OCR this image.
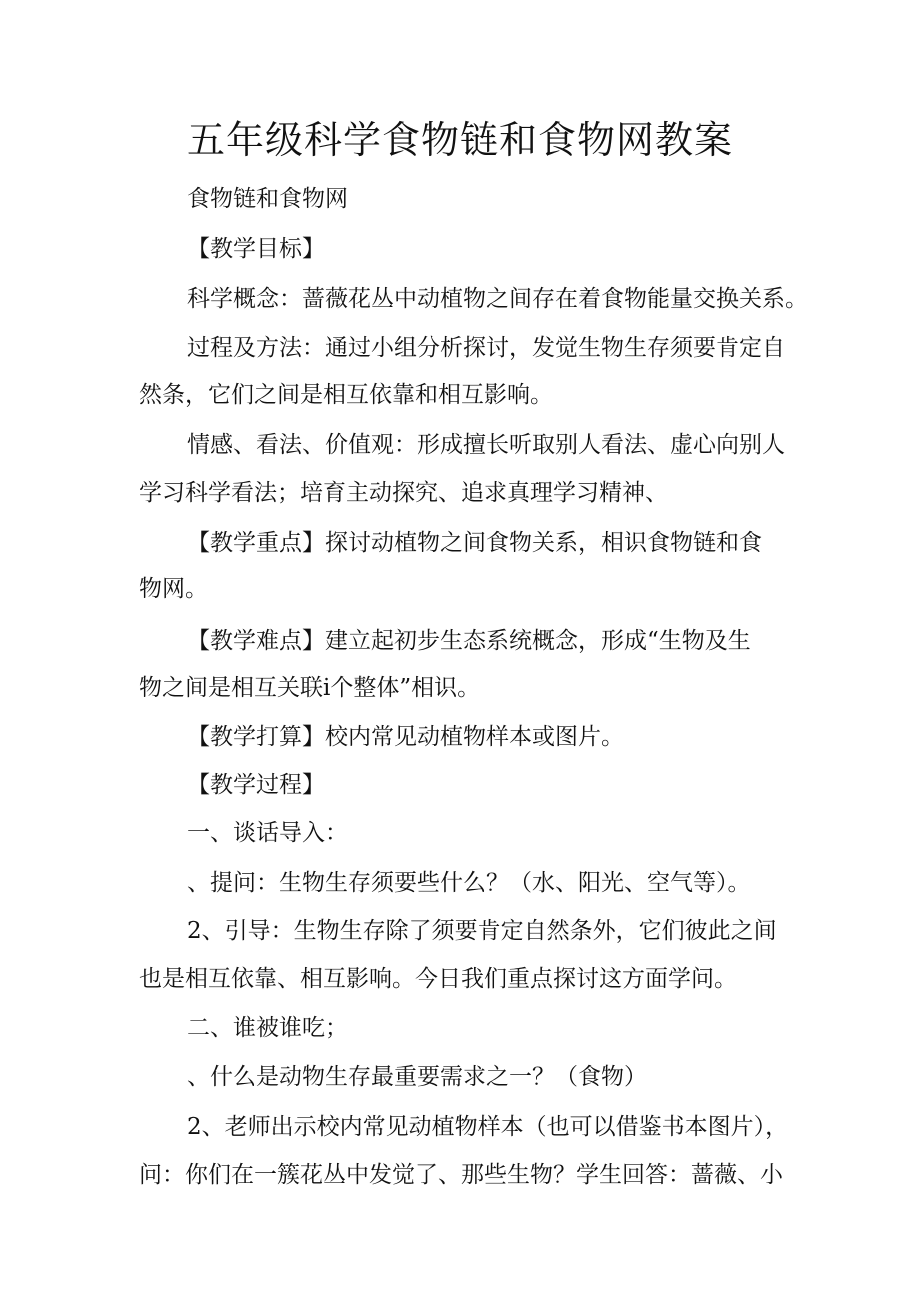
五年级科学食物链和食物网教案
食物链和食物网
【教学目标】
科学概念：蔷薇花丛中动植物之间存在着食物能量交换关系。
过程及方法：通过小组分析探讨，发觉生物生存须要肯定自
然条，它们之间是相互依靠和相互影响。
情感、看法、价值观：形成擅长听取别人看法、虚心向别人
学习科学看法；培育主动探究、追求真理学习精神、
【教学重点】探讨动植物之间食物关系，相识食物链和食
物网。
【教学难点】建立起初步生态系统概念，形成“生物及生
物之间是相互关联i个整体”相识。
【教学打算】校内常见动植物样本或图片。
【教学过程】
一、谈话导入：
、提问：生物生存须要些什么？（水、阳光、空气等）。
2、引导：生物生存除了须要肯定自然条外，它们彼此之间
也是相互依靠、相互影响。今日我们重点探讨这方面学问。
二、谁被谁吃；
、什么是动物生存最重要需求之一？（食物）
2、老师出示校内常见动植物样本（也可以借鉴书本图片），
问：你们在一簇花丛中发觉了、那些生物？学生回答：蔷薇、小
